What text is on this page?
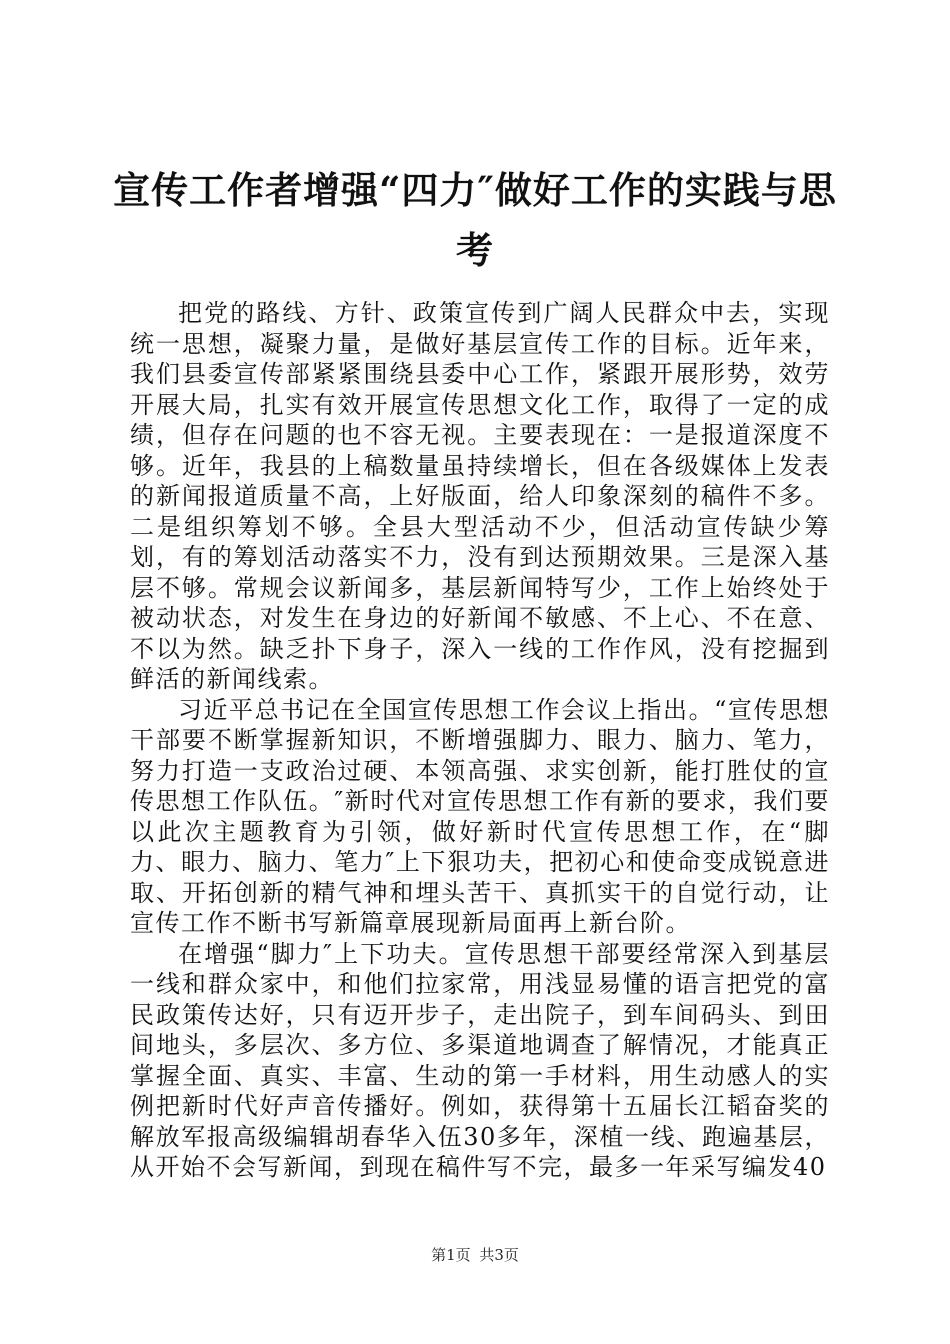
宣传工作者增强“四力″做好工作的实践与思考

把党的路线、方针、政策宣传到广阔人民群众中去，实现统一思想，凝聚力量，是做好基层宣传工作的目标。近年来，我们县委宣传部紧紧围绕县委中心工作，紧跟开展形势，效劳开展大局，扎实有效开展宣传思想文化工作，取得了一定的成绩，但存在问题的也不容无视。主要表现在：一是报道深度不够。近年，我县的上稿数量虽持续增长，但在各级媒体上发表的新闻报道质量不高，上好版面，给人印象深刻的稿件不多。二是组织筹划不够。全县大型活动不少，但活动宣传缺少筹划，有的筹划活动落实不力，没有到达预期效果。三是深入基层不够。常规会议新闻多，基层新闻特写少，工作上始终处于被动状态，对发生在身边的好新闻不敏感、不上心、不在意、不以为然。缺乏扑下身子，深入一线的工作作风，没有挖掘到鲜活的新闻线索。

习近平总书记在全国宣传思想工作会议上指出。“宣传思想干部要不断掌握新知识，不断增强脚力、眼力、脑力、笔力，努力打造一支政治过硬、本领高强、求实创新，能打胜仗的宣传思想工作队伍。″新时代对宣传思想工作有新的要求，我们要以此次主题教育为引领，做好新时代宣传思想工作，在“脚力、眼力、脑力、笔力″上下狠功夫，把初心和使命变成锐意进取、开拓创新的精气神和埋头苦干、真抓实干的自觉行动，让宣传工作不断书写新篇章展现新局面再上新台阶。

在增强“脚力″上下功夫。宣传思想干部要经常深入到基层一线和群众家中，和他们拉家常，用浅显易懂的语言把党的富民政策传达好，只有迈开步子，走出院子，到车间码头、到田间地头，多层次、多方位、多渠道地调查了解情况，才能真正掌握全面、真实、丰富、生动的第一手材料，用生动感人的实例把新时代好声音传播好。例如，获得第十五届长江韬奋奖的解放军报高级编辑胡春华入伍30多年，深植一线、跑遍基层，从开始不会写新闻，到现在稿件写不完，最多一年采写编发40

第1页 共3页
